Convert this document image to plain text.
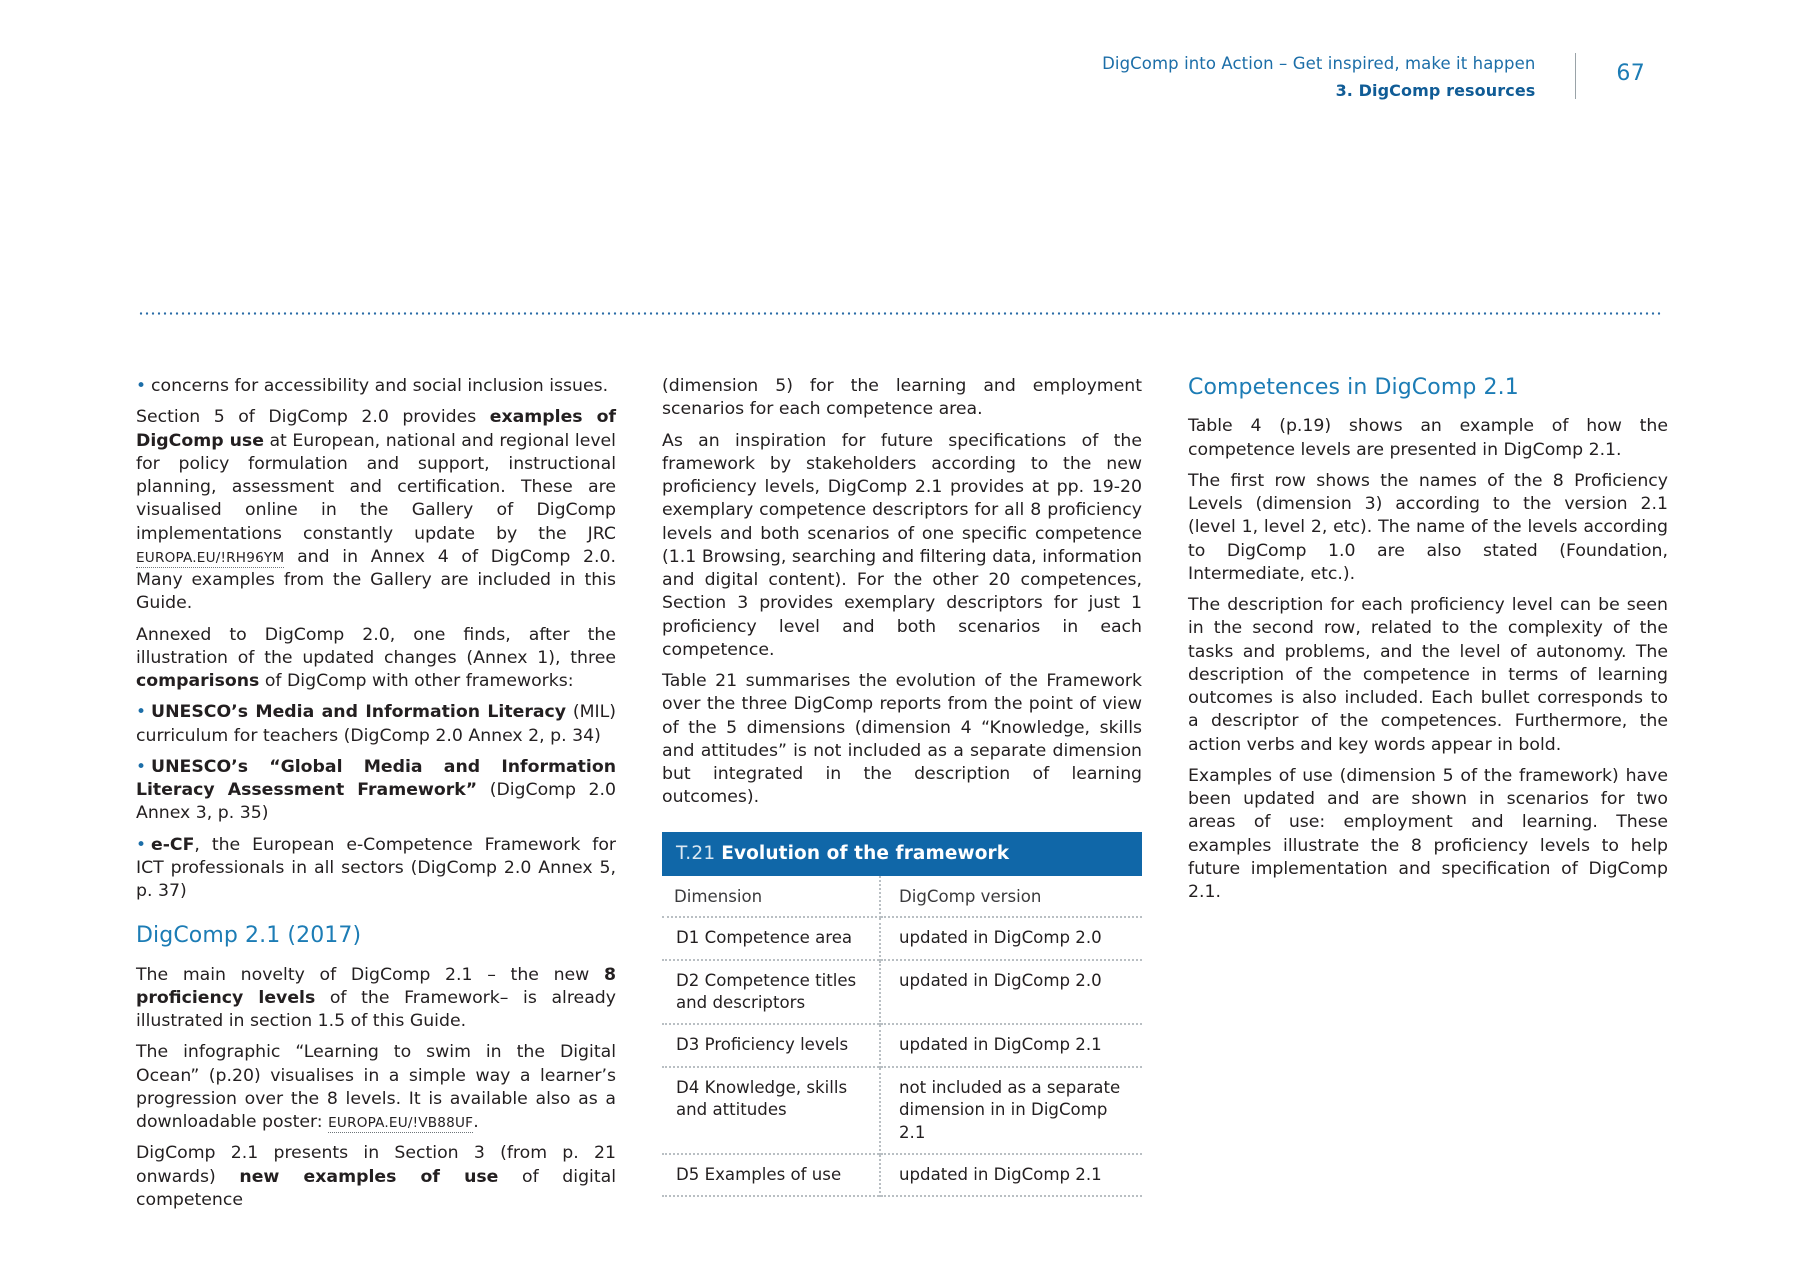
DigComp into Action – Get inspired, make it happen
3. DigComp resources
67

• concerns for accessibility and social inclusion issues.

Section 5 of DigComp 2.0 provides examples of DigComp use at European, national and regional level for policy formulation and support, instructional planning, assessment and certification. These are visualised online in the Gallery of DigComp implementations constantly update by the JRC EUROPA.EU/!RH96YM and in Annex 4 of DigComp 2.0. Many examples from the Gallery are included in this Guide.

Annexed to DigComp 2.0, one finds, after the illustration of the updated changes (Annex 1), three comparisons of DigComp with other frameworks:

• UNESCO’s Media and Information Literacy (MIL) curriculum for teachers (DigComp 2.0 Annex 2, p. 34)

• UNESCO’s “Global Media and Information Literacy Assessment Framework” (DigComp 2.0 Annex 3, p. 35)

• e-CF, the European e-Competence Framework for ICT professionals in all sectors (DigComp 2.0 Annex 5, p. 37)

DigComp 2.1 (2017)

The main novelty of DigComp 2.1 – the new 8 proficiency levels of the Framework– is already illustrated in section 1.5 of this Guide.

The infographic “Learning to swim in the Digital Ocean” (p.20) visualises in a simple way a learner’s progression over the 8 levels. It is available also as a downloadable poster: EUROPA.EU/!VB88UF.

DigComp 2.1 presents in Section 3 (from p. 21 onwards) new examples of use of digital competence

(dimension 5) for the learning and employment scenarios for each competence area.

As an inspiration for future specifications of the framework by stakeholders according to the new proficiency levels, DigComp 2.1 provides at pp. 19-20 exemplary competence descriptors for all 8 proficiency levels and both scenarios of one specific competence (1.1 Browsing, searching and filtering data, information and digital content). For the other 20 competences, Section 3 provides exemplary descriptors for just 1 proficiency level and both scenarios in each competence.

Table 21 summarises the evolution of the Framework over the three DigComp reports from the point of view of the 5 dimensions (dimension 4 “Knowledge, skills and attitudes” is not included as a separate dimension but integrated in the description of learning outcomes).

T.21 Evolution of the framework
Dimension	DigComp version
D1 Competence area	updated in DigComp 2.0
D2 Competence titles and descriptors	updated in DigComp 2.0
D3 Proficiency levels	updated in DigComp 2.1
D4 Knowledge, skills and attitudes	not included as a separate dimension in in DigComp 2.1
D5 Examples of use	updated in DigComp 2.1
Competences in DigComp 2.1

Table 4 (p.19) shows an example of how the competence levels are presented in DigComp 2.1.

The first row shows the names of the 8 Proficiency Levels (dimension 3) according to the version 2.1 (level 1, level 2, etc). The name of the levels according to DigComp 1.0 are also stated (Foundation, Intermediate, etc.).

The description for each proficiency level can be seen in the second row, related to the complexity of the tasks and problems, and the level of autonomy. The description of the competence in terms of learning outcomes is also included. Each bullet corresponds to a descriptor of the competences. Furthermore, the action verbs and key words appear in bold.

Examples of use (dimension 5 of the framework) have been updated and are shown in scenarios for two areas of use: employment and learning. These examples illustrate the 8 proficiency levels to help future implementation and specification of DigComp 2.1.
